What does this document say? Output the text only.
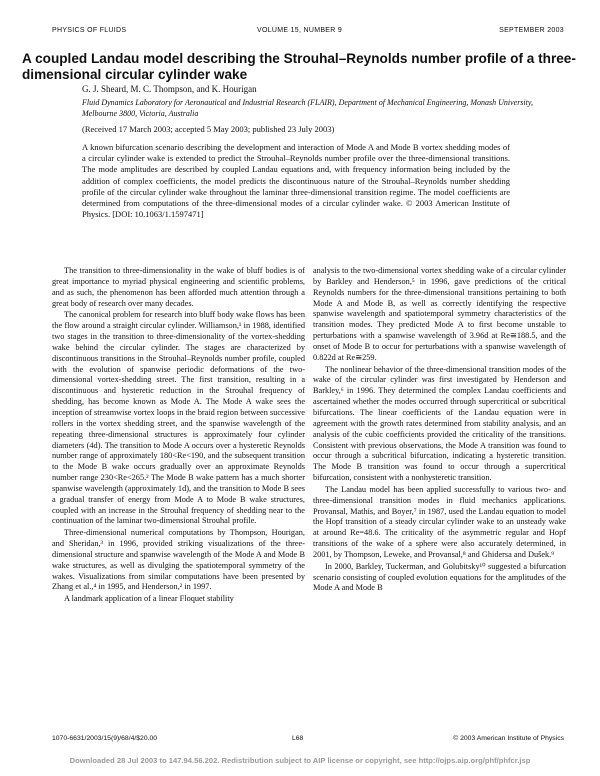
PHYSICS OF FLUIDS	VOLUME 15, NUMBER 9	SEPTEMBER 2003
A coupled Landau model describing the Strouhal–Reynolds number profile of a three-dimensional circular cylinder wake
G. J. Sheard, M. C. Thompson, and K. Hourigan
Fluid Dynamics Laboratory for Aeronautical and Industrial Research (FLAIR), Department of Mechanical Engineering, Monash University, Melbourne 3800, Victoria, Australia
(Received 17 March 2003; accepted 5 May 2003; published 23 July 2003)
A known bifurcation scenario describing the development and interaction of Mode A and Mode B vortex shedding modes of a circular cylinder wake is extended to predict the Strouhal–Reynolds number profile over the three-dimensional transitions. The mode amplitudes are described by coupled Landau equations and, with frequency information being included by the addition of complex coefficients, the model predicts the discontinuous nature of the Strouhal–Reynolds number shedding profile of the circular cylinder wake throughout the laminar three-dimensional transition regime. The model coefficients are determined from computations of the three-dimensional modes of a circular cylinder wake. © 2003 American Institute of Physics. [DOI: 10.1063/1.1597471]

The transition to three-dimensionality in the wake of bluff bodies is of great importance to myriad physical engineering and scientific problems, and as such, the phenomenon has been afforded much attention through a great body of research over many decades.

The canonical problem for research into bluff body wake flows has been the flow around a straight circular cylinder. Williamson,¹ in 1988, identified two stages in the transition to three-dimensionality of the vortex-shedding wake behind the circular cylinder. The stages are characterized by discontinuous transitions in the Strouhal–Reynolds number profile, coupled with the evolution of spanwise periodic deformations of the two-dimensional vortex-shedding street. The first transition, resulting in a discontinuous and hysteretic reduction in the Strouhal frequency of shedding, has become known as Mode A. The Mode A wake sees the inception of streamwise vortex loops in the braid region between successive rollers in the vortex shedding street, and the spanwise wavelength of the repeating three-dimensional structures is approximately four cylinder diameters (4d). The transition to Mode A occurs over a hysteretic Reynolds number range of approximately 180<Re<190, and the subsequent transition to the Mode B wake occurs gradually over an approximate Reynolds number range 230<Re<265.² The Mode B wake pattern has a much shorter spanwise wavelength (approximately 1d), and the transition to Mode B sees a gradual transfer of energy from Mode A to Mode B wake structures, coupled with an increase in the Strouhal frequency of shedding near to the continuation of the laminar two-dimensional Strouhal profile.

Three-dimensional numerical computations by Thompson, Hourigan, and Sheridan,³ in 1996, provided striking visualizations of the three-dimensional structure and spanwise wavelength of the Mode A and Mode B wake structures, as well as divulging the spatiotemporal symmetry of the wakes. Visualizations from similar computations have been presented by Zhang et al.,⁴ in 1995, and Henderson,² in 1997.

A landmark application of a linear Floquet stability

analysis to the two-dimensional vortex shedding wake of a circular cylinder by Barkley and Henderson,⁵ in 1996, gave predictions of the critical Reynolds numbers for the three-dimensional transitions pertaining to both Mode A and Mode B, as well as correctly identifying the respective spanwise wavelength and spatiotemporal symmetry characteristics of the transition modes. They predicted Mode A to first become unstable to perturbations with a spanwise wavelength of 3.96d at Re≅188.5, and the onset of Mode B to occur for perturbations with a spanwise wavelength of 0.822d at Re≅259.

The nonlinear behavior of the three-dimensional transition modes of the wake of the circular cylinder was first investigated by Henderson and Barkley,⁶ in 1996. They determined the complex Landau coefficients and ascertained whether the modes occurred through supercritical or subcritical bifurcations. The linear coefficients of the Landau equation were in agreement with the growth rates determined from stability analysis, and an analysis of the cubic coefficients provided the criticality of the transitions. Consistent with previous observations, the Mode A transition was found to occur through a subcritical bifurcation, indicating a hysteretic transition. The Mode B transition was found to occur through a supercritical bifurcation, consistent with a nonhysteretic transition.

The Landau model has been applied successfully to various two- and three-dimensional transition modes in fluid mechanics applications. Provansal, Mathis, and Boyer,⁷ in 1987, used the Landau equation to model the Hopf transition of a steady circular cylinder wake to an unsteady wake at around Re=48.6. The criticality of the asymmetric regular and Hopf transitions of the wake of a sphere were also accurately determined, in 2001, by Thompson, Leweke, and Provansal,⁸ and Ghidersa and Dušek.⁹

In 2000, Barkley, Tuckerman, and Golubitsky¹⁰ suggested a bifurcation scenario consisting of coupled evolution equations for the amplitudes of the Mode A and Mode B

1070-6631/2003/15(9)/68/4/$20.00	L68	© 2003 American Institute of Physics
Downloaded 28 Jul 2003 to 147.94.56.202. Redistribution subject to AIP license or copyright, see http://ojps.aip.org/phf/phfcr.jsp
